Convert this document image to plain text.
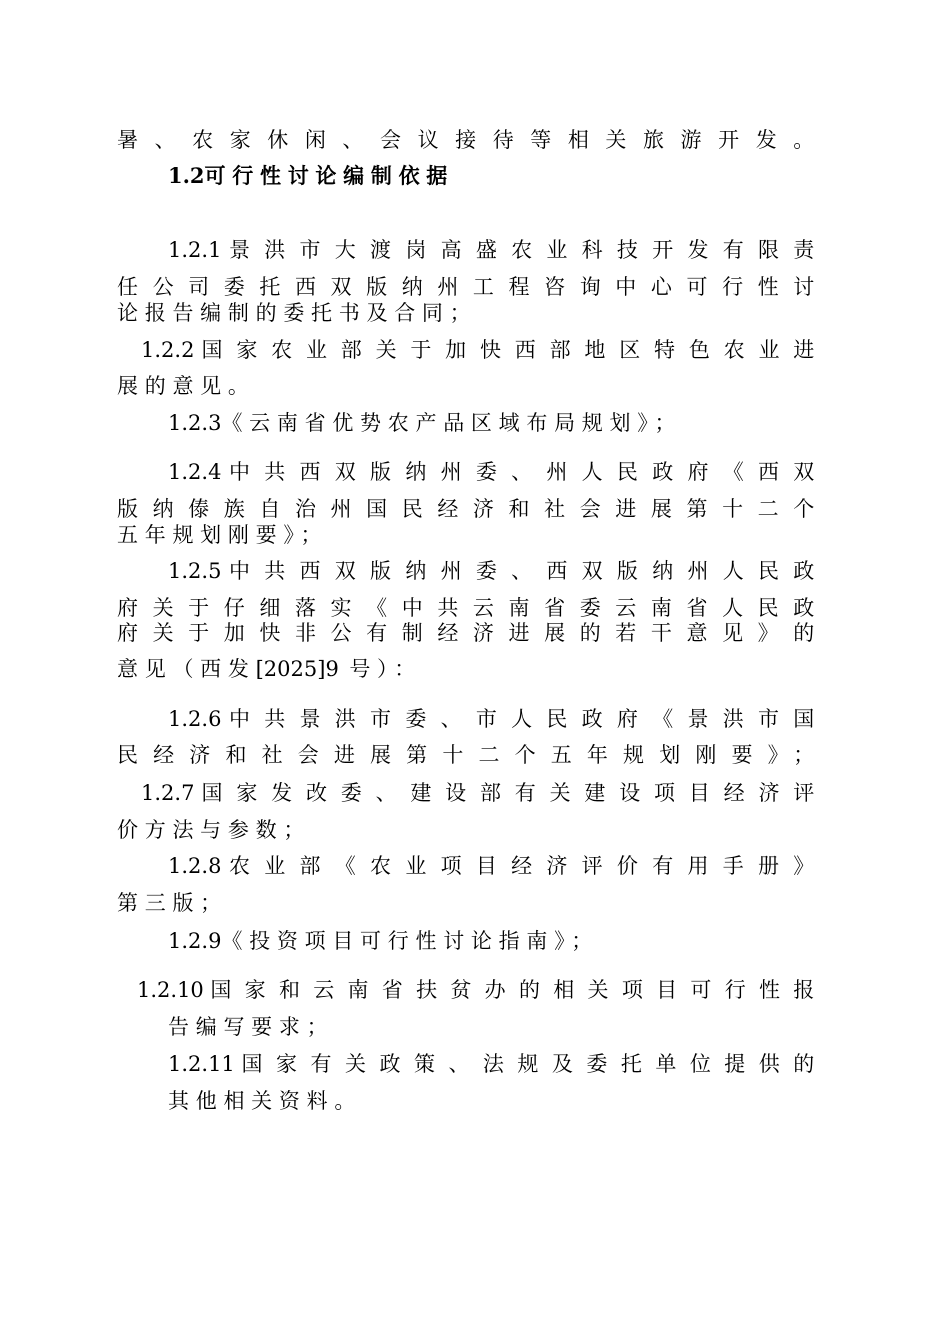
暑、农家休闲、会议接待等相关旅游开发。
1.2可行性讨论编制依据
1.2.1景洪市大渡岗高盛农业科技开发有限责
任公司委托西双版纳州工程咨询中心可行性讨
论报告编制的委托书及合同；
1.2.2国家农业部关于加快西部地区特色农业进
展的意见。
1.2.3《云南省优势农产品区域布局规划》；
1.2.4中共西双版纳州委、州人民政府《西双
版纳傣族自治州国民经济和社会进展第十二个
五年规划刚要》；
1.2.5中共西双版纳州委、西双版纳州人民政
府关于仔细落实《中共云南省委云南省人民政
府关于加快非公有制经济进展的若干意见》的
意见（西发[2025]9 号）：
1.2.6中共景洪市委、市人民政府《景洪市国
民经济和社会进展第十二个五年规划刚要》；
1.2.7国家发改委、建设部有关建设项目经济评
价方法与参数；
1.2.8农业部《农业项目经济评价有用手册》
第三版；
1.2.9《投资项目可行性讨论指南》；
1.2.10国家和云南省扶贫办的相关项目可行性报
告编写要求；
1.2.11国家有关政策、法规及委托单位提供的
其他相关资料。
